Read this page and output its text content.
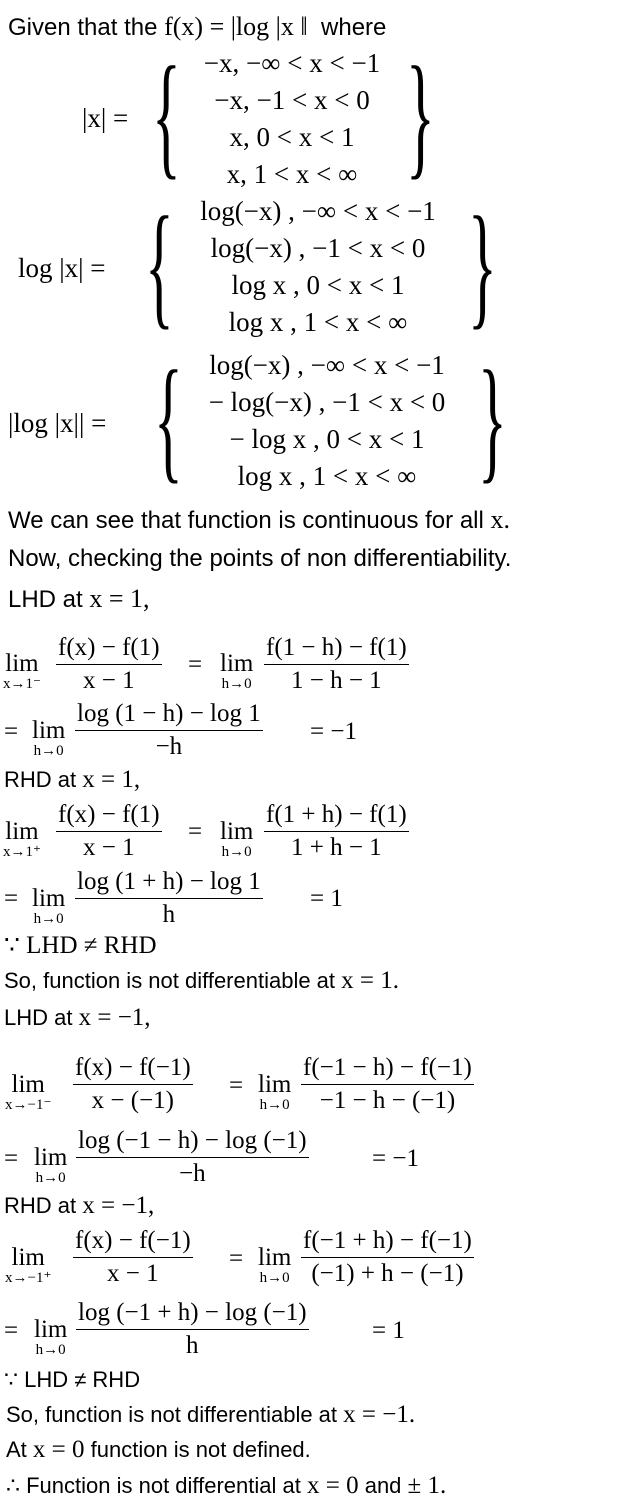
Given that the f(x) = |log |x ‖ where
|x| = {	}
−x, −∞ < x < −1
−x, −1 < x < 0
x, 0 < x < 1
x, 1 < x < ∞
log |x| = {	}
log(−x) , −∞ < x < −1
log(−x) , −1 < x < 0
log x , 0 < x < 1
log x , 1 < x < ∞
|log |x|| = {	}
log(−x) , −∞ < x < −1
− log(−x) , −1 < x < 0
− log x , 0 < x < 1
log x , 1 < x < ∞
We can see that function is continuous for all x.
Now, checking the points of non differentiability.
LHD at x = 1,
lim
x→1⁻
f(x) − f(1)
x − 1
= lim
h→0
f(1 − h) − f(1)
1 − h − 1
= lim
h→0
log (1 − h) − log 1
−h
= −1
RHD at x = 1,
lim
x→1⁺
f(x) − f(1)
x − 1
= lim
h→0
f(1 + h) − f(1)
1 + h − 1
= lim
h→0
log (1 + h) − log 1
h
= 1
∵ LHD ≠ RHD
So, function is not differentiable at x = 1.
LHD at x = −1,
lim
x→−1⁻
f(x) − f(−1)
x − (−1)
= lim
h→0
f(−1 − h) − f(−1)
−1 − h − (−1)
= lim
h→0
log (−1 − h) − log (−1)
−h
= −1
RHD at x = −1,
lim
x→−1⁺
f(x) − f(−1)
x − 1
= lim
h→0
f(−1 + h) − f(−1)
(−1) + h − (−1)
= lim
h→0
log (−1 + h) − log (−1)
h
= 1
∵ LHD ≠ RHD
So, function is not differentiable at x = −1.
At x = 0 function is not defined.
∴ Function is not differential at x = 0 and ± 1.
